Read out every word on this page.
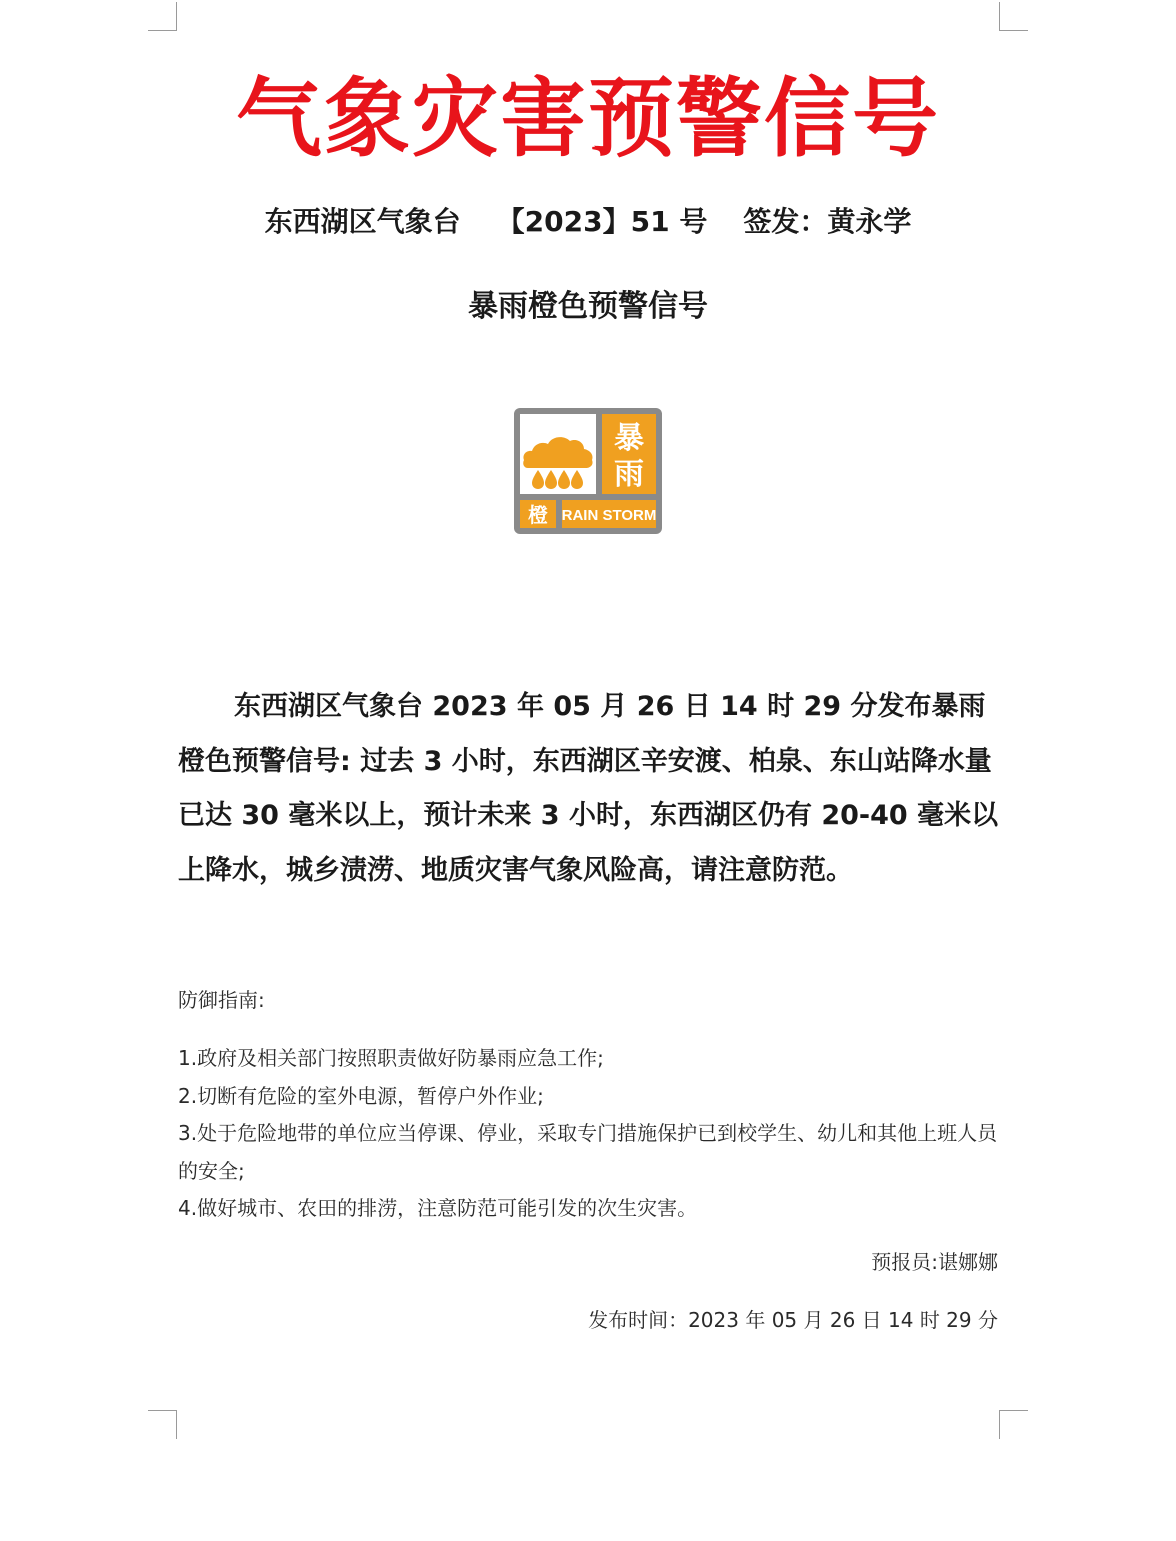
气象灾害预警信号
东西湖区气象台 【2023】51 号 签发：黄永学
暴雨橙色预警信号
暴
雨
橙 RAIN STORM
东西湖区气象台 2023 年 05 月 26 日 14 时 29 分发布暴雨橙色预警信号: 过去 3 小时，东西湖区辛安渡、柏泉、东山站降水量已达 30 毫米以上，预计未来 3 小时，东西湖区仍有 20-40 毫米以上降水，城乡渍涝、地质灾害气象风险高，请注意防范。
防御指南:
1.政府及相关部门按照职责做好防暴雨应急工作;
2.切断有危险的室外电源，暂停户外作业;
3.处于危险地带的单位应当停课、停业，采取专门措施保护已到校学生、幼儿和其他上班人员的安全;
4.做好城市、农田的排涝，注意防范可能引发的次生灾害。
预报员:谌娜娜
发布时间：2023 年 05 月 26 日 14 时 29 分
